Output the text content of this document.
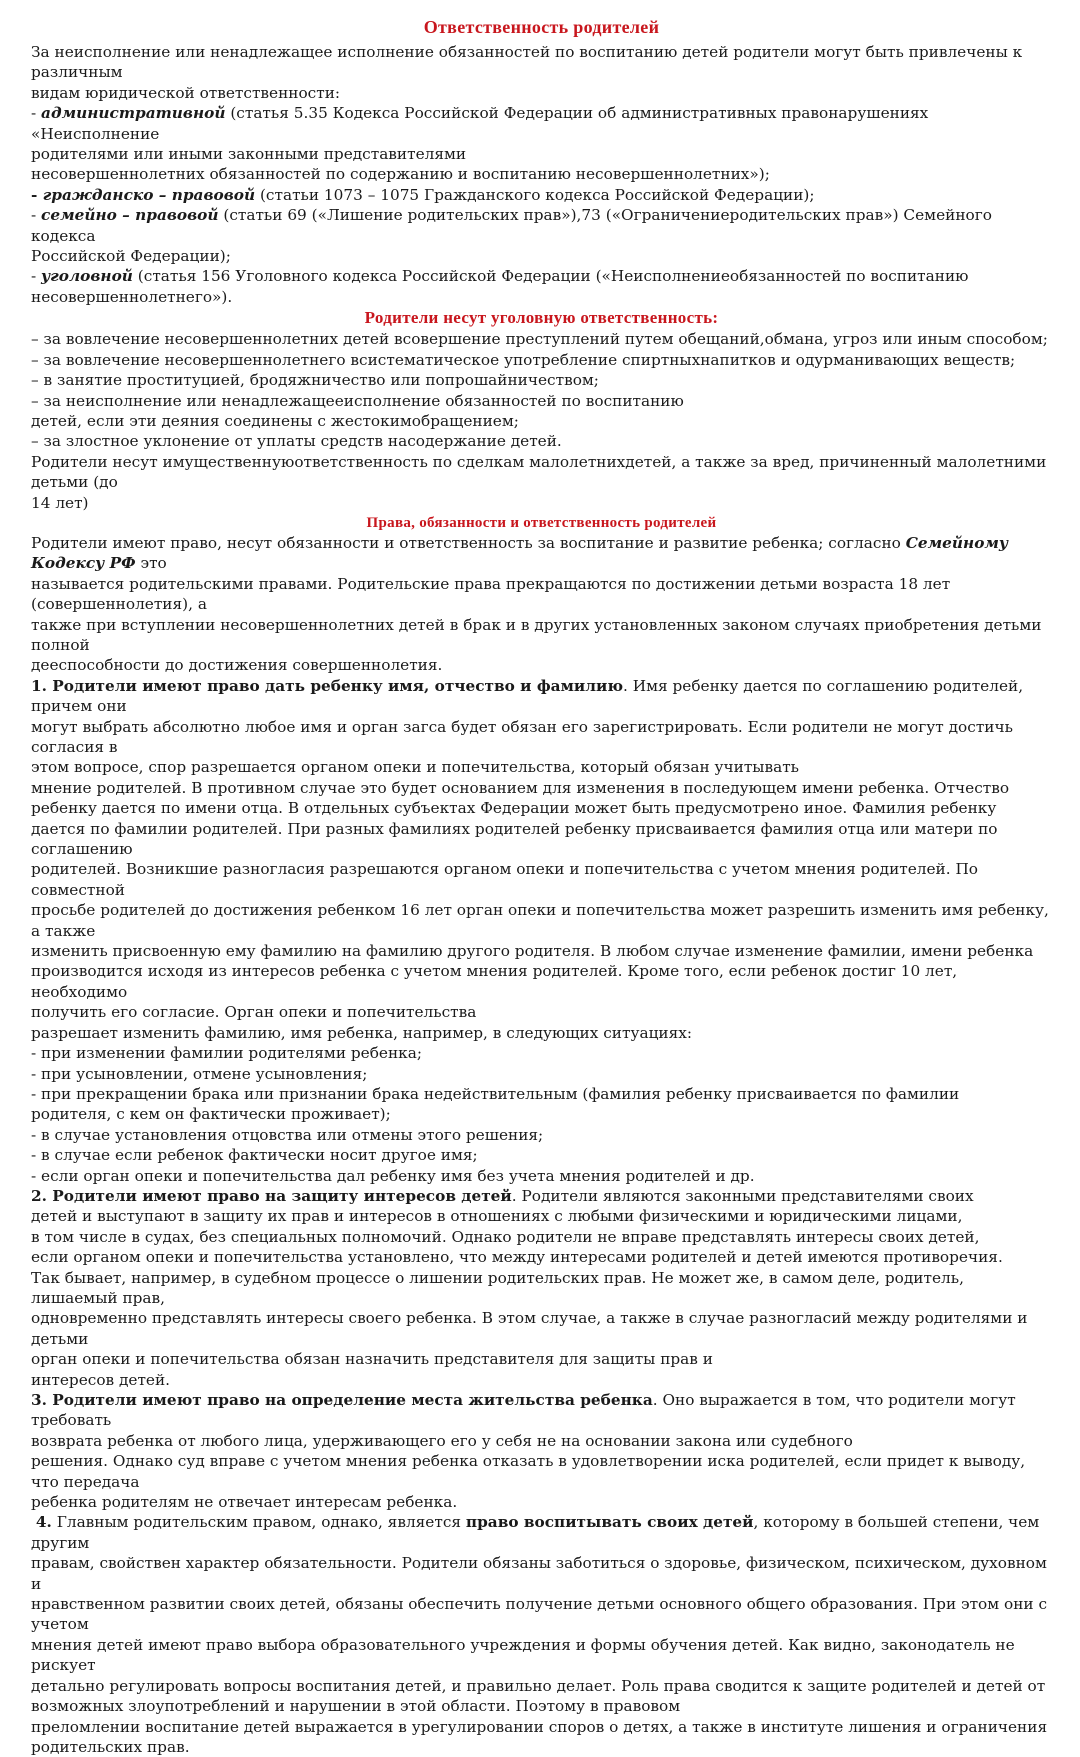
Ответственность родителей

За неисполнение или ненадлежащее исполнение обязанностей по воспитанию детей родители могут быть привлечены к различным
видам юридической ответственности:

- административной (статья 5.35 Кодекса Российской Федерации об административных правонарушениях «Неисполнение
родителями или иными законными представителями
несовершеннолетних обязанностей по содержанию и воспитанию несовершеннолетних»);
- гражданско – правовой (статьи 1073 – 1075 Гражданского кодекса Российской Федерации);
- семейно – правовой (статьи 69 («Лишение родительских прав»),73 («Ограничениеродительских прав») Семейного кодекса
Российской Федерации);
- уголовной (статья 156 Уголовного кодекса Российской Федерации («Неисполнениеобязанностей по воспитанию
несовершеннолетнего»).

Родители несут уголовную ответственность:

– за вовлечение несовершеннолетних детей всовершение преступлений путем обещаний,обмана, угроз или иным способом;
– за вовлечение несовершеннолетнего всистематическое употребление спиртныхнапитков и одурманивающих веществ;
– в занятие проституцией, бродяжничество или попрошайничеством;
– за неисполнение или ненадлежащееисполнение обязанностей по воспитанию
детей, если эти деяния соединены с жестокимобращением;
– за злостное уклонение от уплаты средств насодержание детей.
Родители несут имущественнуюответственность по сделкам малолетнихдетей, а также за вред, причиненный малолетними детьми (до
14 лет)

Права, обязанности и ответственность родителей

Родители имеют право, несут обязанности и ответственность за воспитание и развитие ребенка; согласно Семейному Кодексу РФ это
называется родительскими правами. Родительские права прекращаются по достижении детьми возраста 18 лет (совершеннолетия), а
также при вступлении несовершеннолетних детей в брак и в других установленных законом случаях приобретения детьми полной
дееспособности до достижения совершеннолетия.

1. Родители имеют право дать ребенку имя, отчество и фамилию. Имя ребенку дается по соглашению родителей, причем они
могут выбрать абсолютно любое имя и орган загса будет обязан его зарегистрировать. Если родители не могут достичь согласия в
этом вопросе, спор разрешается органом опеки и попечительства, который обязан учитывать
мнение родителей. В противном случае это будет основанием для изменения в последующем имени ребенка. Отчество
ребенку дается по имени отца. В отдельных субъектах Федерации может быть предусмотрено иное. Фамилия ребенку
дается по фамилии родителей. При разных фамилиях родителей ребенку присваивается фамилия отца или матери по соглашению
родителей. Возникшие разногласия разрешаются органом опеки и попечительства с учетом мнения родителей. По совместной
просьбе родителей до достижения ребенком 16 лет орган опеки и попечительства может разрешить изменить имя ребенку, а также
изменить присвоенную ему фамилию на фамилию другого родителя. В любом случае изменение фамилии, имени ребенка
производится исходя из интересов ребенка с учетом мнения родителей. Кроме того, если ребенок достиг 10 лет, необходимо
получить его согласие. Орган опеки и попечительства
разрешает изменить фамилию, имя ребенка, например, в следующих ситуациях:
- при изменении фамилии родителями ребенка;
- при усыновлении, отмене усыновления;
- при прекращении брака или признании брака недействительным (фамилия ребенку присваивается по фамилии
родителя, с кем он фактически проживает);
- в случае установления отцовства или отмены этого решения;
- в случае если ребенок фактически носит другое имя;
- если орган опеки и попечительства дал ребенку имя без учета мнения родителей и др.

2. Родители имеют право на защиту интересов детей. Родители являются законными представителями своих
детей и выступают в защиту их прав и интересов в отношениях с любыми физическими и юридическими лицами,
в том числе в судах, без специальных полномочий. Однако родители не вправе представлять интересы своих детей,
если органом опеки и попечительства установлено, что между интересами родителей и детей имеются противоречия.
Так бывает, например, в судебном процессе о лишении родительских прав. Не может же, в самом деле, родитель, лишаемый прав,
одновременно представлять интересы своего ребенка. В этом случае, а также в случае разногласий между родителями и детьми
орган опеки и попечительства обязан назначить представителя для защиты прав и
интересов детей.

3. Родители имеют право на определение места жительства ребенка. Оно выражается в том, что родители могут требовать
возврата ребенка от любого лица, удерживающего его у себя не на основании закона или судебного
решения. Однако суд вправе с учетом мнения ребенка отказать в удовлетворении иска родителей, если придет к выводу, что передача
ребенка родителям не отвечает интересам ребенка.

4. Главным родительским правом, однако, является право воспитывать своих детей, которому в большей степени, чем другим
правам, свойствен характер обязательности. Родители обязаны заботиться о здоровье, физическом, психическом, духовном и
нравственном развитии своих детей, обязаны обеспечить получение детьми основного общего образования. При этом они с учетом
мнения детей имеют право выбора образовательного учреждения и формы обучения детей. Как видно, законодатель не рискует
детально регулировать вопросы воспитания детей, и правильно делает. Роль права сводится к защите родителей и детей от
возможных злоупотреблений и нарушении в этой области. Поэтому в правовом
преломлении воспитание детей выражается в урегулировании споров о детях, а также в институте лишения и ограничения
родительских прав.
